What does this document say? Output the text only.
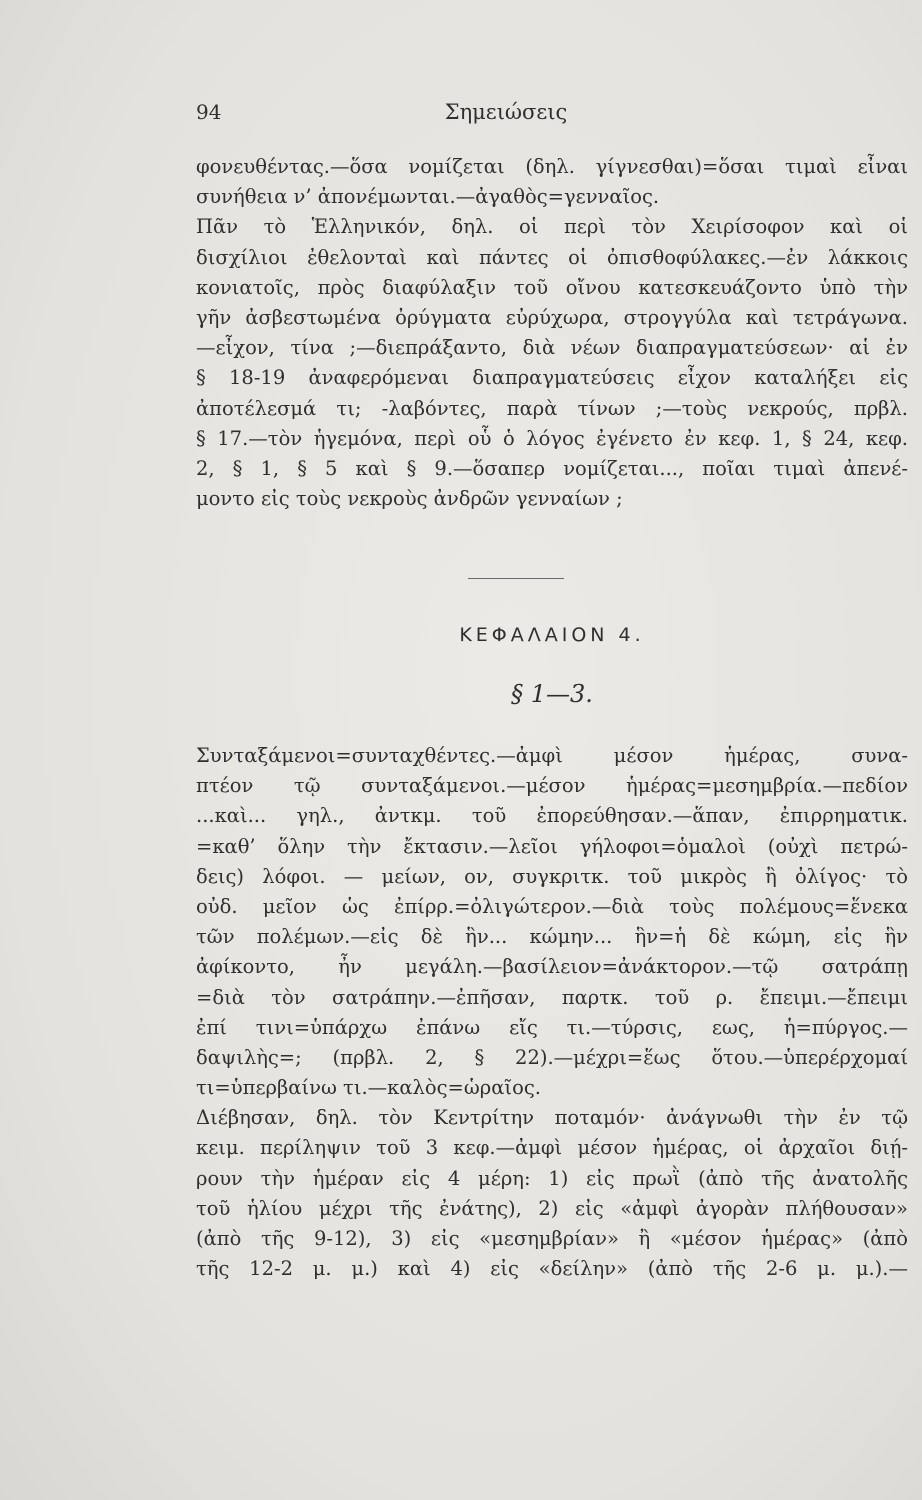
94	Σημειώσεις
φονευθέντας.—ὅσα νομίζεται (δηλ. γίγνεσθαι)=ὅσαι τιμαὶ εἶναι
συνήθεια ν’ ἀπονέμωνται.—ἀγαθὸς=γενναῖος.
Πᾶν τὸ Ἑλληνικόν, δηλ. οἱ περὶ τὸν Χειρίσοφον καὶ οἱ
δισχίλιοι ἐθελονταὶ καὶ πάντες οἱ ὀπισθοφύλακες.—ἐν λάκκοις
κονιατοῖς, πρὸς διαφύλαξιν τοῦ οἴνου κατεσκευάζοντο ὑπὸ τὴν
γῆν ἀσβεστωμένα ὀρύγματα εὐρύχωρα, στρογγύλα καὶ τετράγωνα.
—εἶχον, τίνα ;—διεπράξαντο, διὰ νέων διαπραγματεύσεων· αἱ ἐν
§ 18-19 ἀναφερόμεναι διαπραγματεύσεις εἶχον καταλήξει εἰς
ἀποτέλεσμά τι; -λαβόντες, παρὰ τίνων ;—τοὺς νεκρούς, πρβλ.
§ 17.—τὸν ἡγεμόνα, περὶ οὗ ὁ λόγος ἐγένετο ἐν κεφ. 1, § 24, κεφ.
2, § 1, § 5 καὶ § 9.—ὅσαπερ νομίζεται..., ποῖαι τιμαὶ ἀπενέ-
μοντο εἰς τοὺς νεκροὺς ἀνδρῶν γενναίων ;
ΚΕΦΑΛΑΙΟΝ 4.
§ 1—3.
Συνταξάμενοι=συνταχθέντες.—ἀμφὶ μέσον ἡμέρας, συνα-
πτέον τῷ συνταξάμενοι.—μέσον ἡμέρας=μεσημβρία.—πεδίον
...καὶ... γηλ., ἀντκμ. τοῦ ἐπορεύθησαν.—ἅπαν, ἐπιρρηματικ.
=καθ’ ὅλην τὴν ἔκτασιν.—λεῖοι γήλοφοι=ὁμαλοὶ (οὐχὶ πετρώ-
δεις) λόφοι. — μείων, ον, συγκριτκ. τοῦ μικρὸς ἢ ὀλίγος· τὸ
οὐδ. μεῖον ὡς ἐπίρρ.=ὀλιγώτερον.—διὰ τοὺς πολέμους=ἕνεκα
τῶν πολέμων.—εἰς δὲ ἣν... κώμην... ἣν=ἡ δὲ κώμη, εἰς ἣν
ἀφίκοντο, ἦν μεγάλη.—βασίλειον=ἀνάκτορον.—τῷ σατράπῃ
=διὰ τὸν σατράπην.—ἐπῆσαν, παρτκ. τοῦ ρ. ἔπειμι.—ἔπειμι
ἐπί τινι=ὑπάρχω ἐπάνω εἴς τι.—τύρσις, εως, ἡ=πύργος.—
δαψιλὴς=; (πρβλ. 2, § 22).—μέχρι=ἕως ὅτου.—ὑπερέρχομαί
τι=ὑπερβαίνω τι.—καλὸς=ὡραῖος.
Διέβησαν, δηλ. τὸν Κεντρίτην ποταμόν· ἀνάγνωθι τὴν ἐν τῷ
κειμ. περίληψιν τοῦ 3 κεφ.—ἀμφὶ μέσον ἡμέρας, οἱ ἀρχαῖοι διῄ-
ρουν τὴν ἡμέραν εἰς 4 μέρη: 1) εἰς πρωῒ (ἀπὸ τῆς ἀνατολῆς
τοῦ ἡλίου μέχρι τῆς ἐνάτης), 2) εἰς «ἀμφὶ ἀγορὰν πλήθουσαν»
(ἀπὸ τῆς 9-12), 3) εἰς «μεσημβρίαν» ἢ «μέσον ἡμέρας» (ἀπὸ
τῆς 12-2 μ. μ.) καὶ 4) εἰς «δείλην» (ἀπὸ τῆς 2-6 μ. μ.).—
